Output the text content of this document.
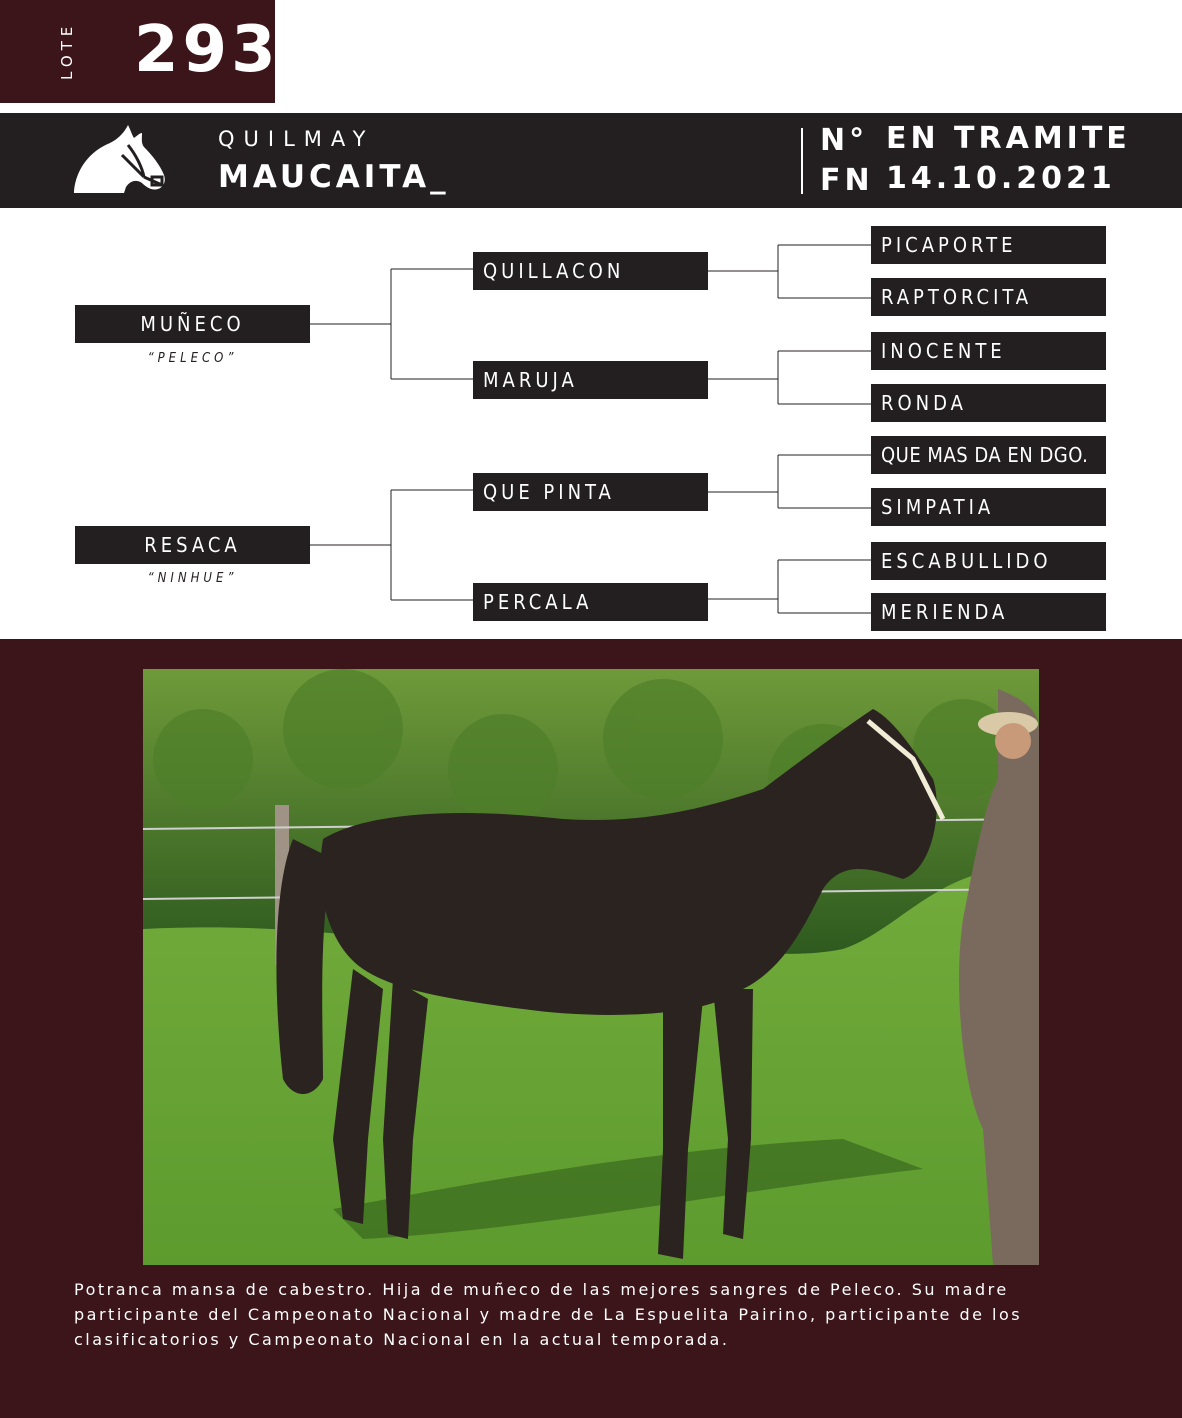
LOTE 293
QUILMAY
MAUCAITA_
N° EN TRAMITE
FN 14.10.2021
MUÑECO
“PELECO”
RESACA
“NINHUE”
QUILLACON
MARUJA
QUE PINTA
PERCALA
PICAPORTE
RAPTORCITA
INOCENTE
RONDA
QUE MAS DA EN DGO.
SIMPATIA
ESCABULLIDO
MERIENDA
Potranca mansa de cabestro. Hija de muñeco de las mejores sangres de Peleco. Su madre participante del Campeonato Nacional y madre de La Espuelita Pairino, participante de los clasificatorios y Campeonato Nacional en la actual temporada.
